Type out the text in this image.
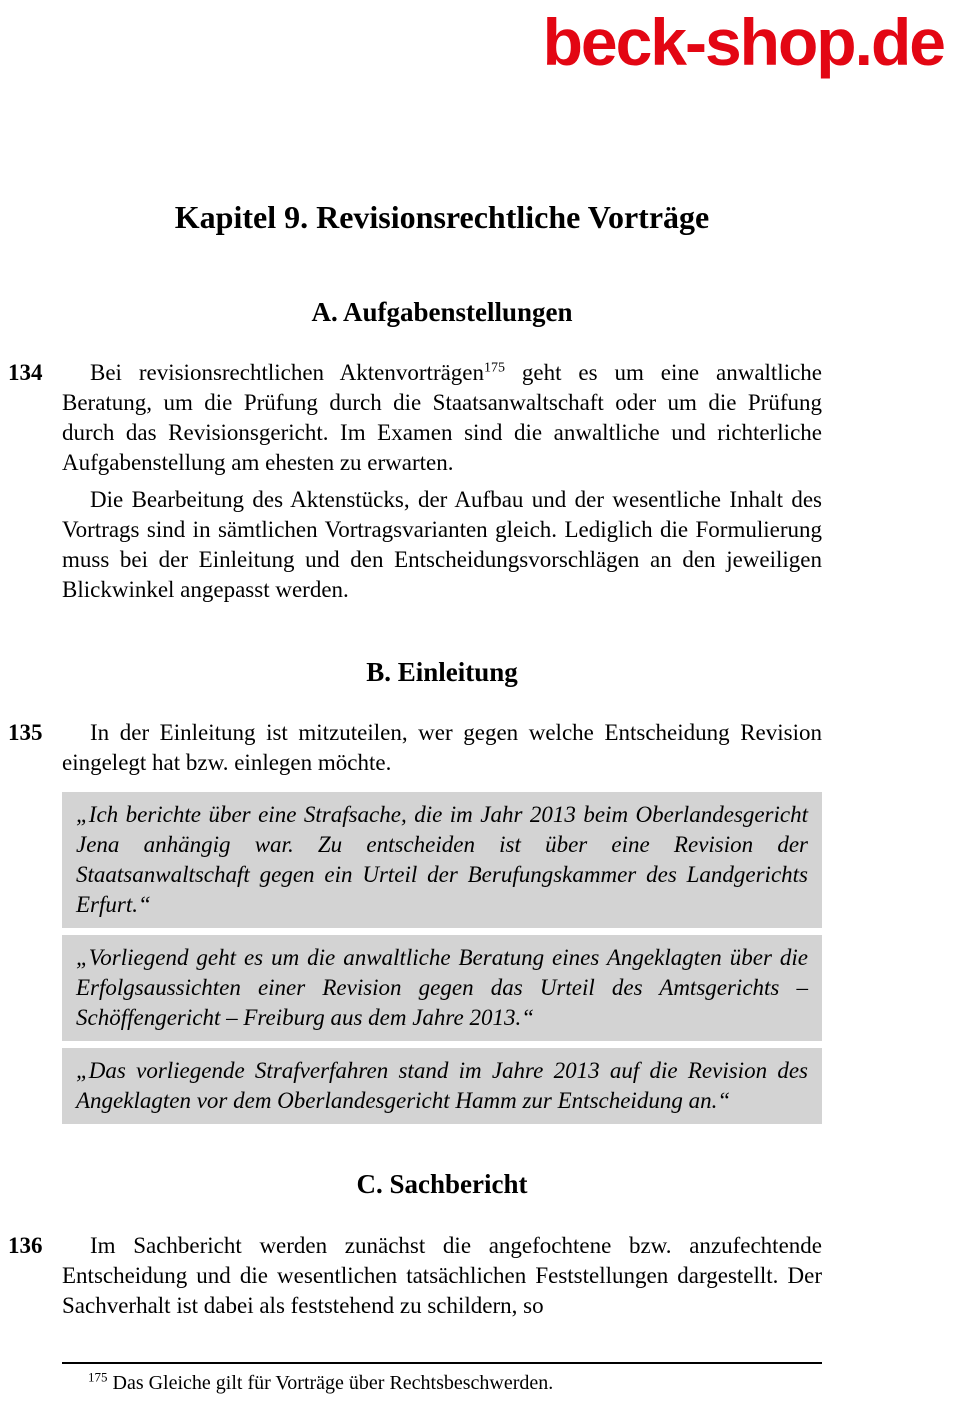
beck-shop.de
Kapitel 9. Revisionsrechtliche Vorträge
A. Aufgabenstellungen
134	Bei revisionsrechtlichen Aktenvorträgen$^{175}$ geht es um eine anwaltliche Beratung, um die Prüfung durch die Staatsanwaltschaft oder um die Prüfung durch das Revisionsgericht. Im Examen sind die anwaltliche und richterliche Aufgabenstellung am ehesten zu erwarten.

Die Bearbeitung des Aktenstücks, der Aufbau und der wesentliche Inhalt des Vortrags sind in sämtlichen Vortragsvarianten gleich. Lediglich die Formulierung muss bei der Einleitung und den Entscheidungsvorschlägen an den jeweiligen Blickwinkel angepasst werden.

B. Einleitung
135	In der Einleitung ist mitzuteilen, wer gegen welche Entscheidung Revision eingelegt hat bzw. einlegen möchte.

„Ich berichte über eine Strafsache, die im Jahr 2013 beim Oberlandesgericht Jena anhängig war. Zu entscheiden ist über eine Revision der Staatsanwaltschaft gegen ein Urteil der Berufungskammer des Landgerichts Erfurt.“

„Vorliegend geht es um die anwaltliche Beratung eines Angeklagten über die Erfolgsaussichten einer Revision gegen das Urteil des Amtsgerichts – Schöffengericht – Freiburg aus dem Jahre 2013.“

„Das vorliegende Strafverfahren stand im Jahre 2013 auf die Revision des Angeklagten vor dem Oberlandesgericht Hamm zur Entscheidung an.“

C. Sachbericht
136	Im Sachbericht werden zunächst die angefochtene bzw. anzufechtende Entscheidung und die wesentlichen tatsächlichen Feststellungen dargestellt. Der Sachverhalt ist dabei als feststehend zu schildern, so

$^{175}$ Das Gleiche gilt für Vorträge über Rechtsbeschwerden.
